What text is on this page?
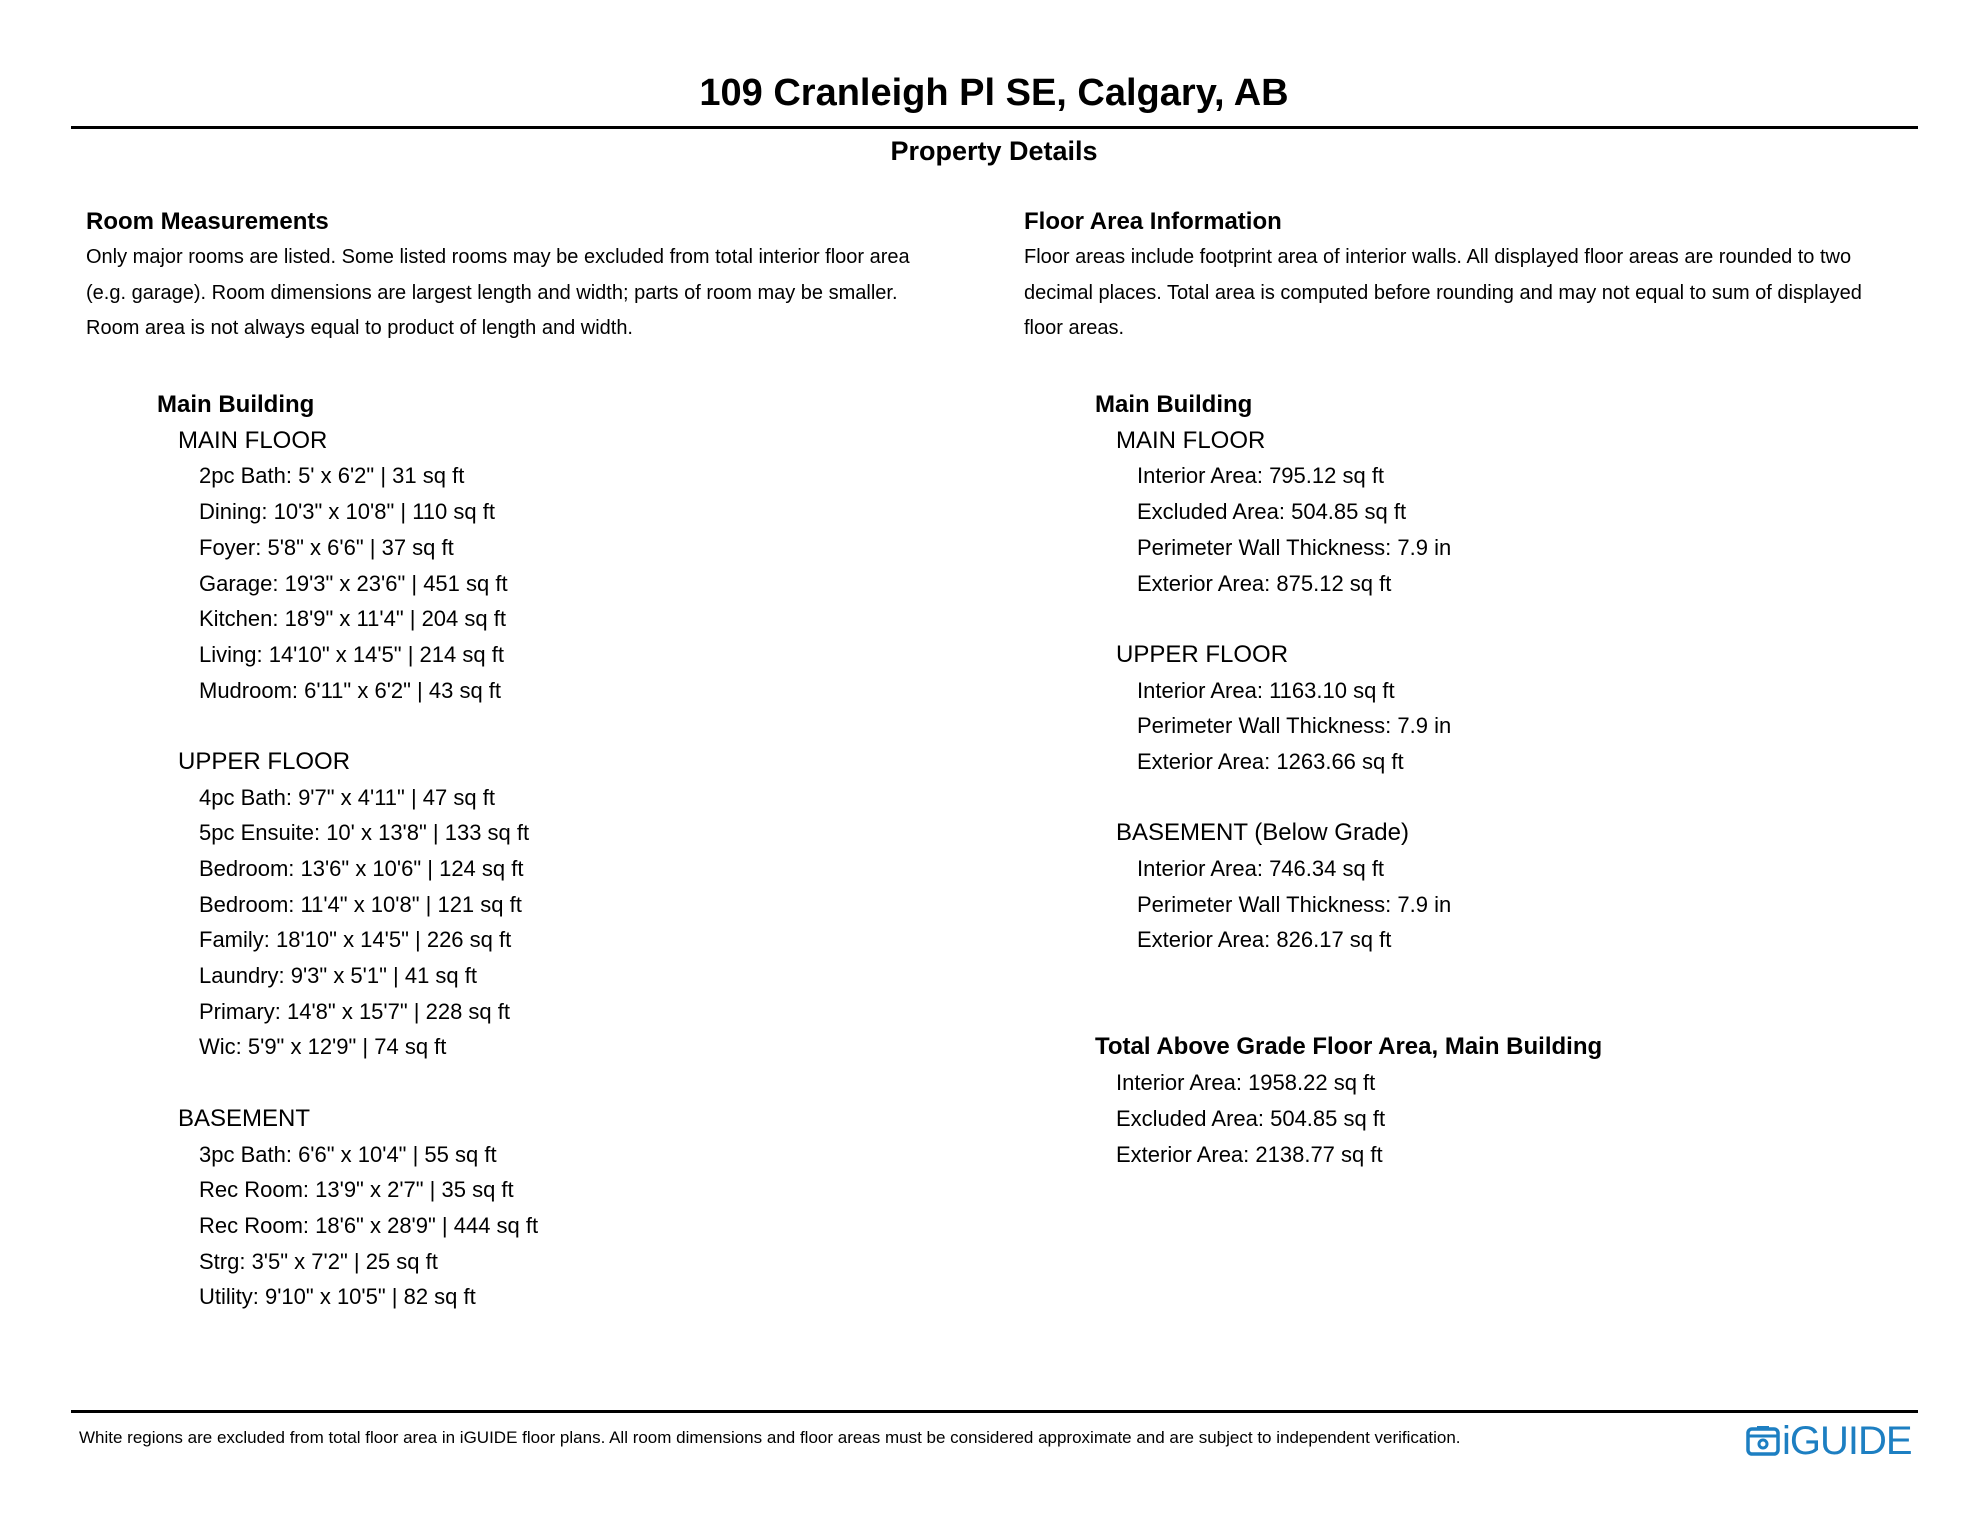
109 Cranleigh Pl SE, Calgary, AB
Property Details
Room Measurements
Only major rooms are listed. Some listed rooms may be excluded from total interior floor area
(e.g. garage). Room dimensions are largest length and width; parts of room may be smaller.
Room area is not always equal to product of length and width.
Main Building
MAIN FLOOR
2pc Bath: 5' x 6'2" | 31 sq ft
Dining: 10'3" x 10'8" | 110 sq ft
Foyer: 5'8" x 6'6" | 37 sq ft
Garage: 19'3" x 23'6" | 451 sq ft
Kitchen: 18'9" x 11'4" | 204 sq ft
Living: 14'10" x 14'5" | 214 sq ft
Mudroom: 6'11" x 6'2" | 43 sq ft
UPPER FLOOR
4pc Bath: 9'7" x 4'11" | 47 sq ft
5pc Ensuite: 10' x 13'8" | 133 sq ft
Bedroom: 13'6" x 10'6" | 124 sq ft
Bedroom: 11'4" x 10'8" | 121 sq ft
Family: 18'10" x 14'5" | 226 sq ft
Laundry: 9'3" x 5'1" | 41 sq ft
Primary: 14'8" x 15'7" | 228 sq ft
Wic: 5'9" x 12'9" | 74 sq ft
BASEMENT
3pc Bath: 6'6" x 10'4" | 55 sq ft
Rec Room: 13'9" x 2'7" | 35 sq ft
Rec Room: 18'6" x 28'9" | 444 sq ft
Strg: 3'5" x 7'2" | 25 sq ft
Utility: 9'10" x 10'5" | 82 sq ft
Floor Area Information
Floor areas include footprint area of interior walls. All displayed floor areas are rounded to two
decimal places. Total area is computed before rounding and may not equal to sum of displayed
floor areas.
Main Building
MAIN FLOOR
Interior Area: 795.12 sq ft
Excluded Area: 504.85 sq ft
Perimeter Wall Thickness: 7.9 in
Exterior Area: 875.12 sq ft
UPPER FLOOR
Interior Area: 1163.10 sq ft
Perimeter Wall Thickness: 7.9 in
Exterior Area: 1263.66 sq ft
BASEMENT (Below Grade)
Interior Area: 746.34 sq ft
Perimeter Wall Thickness: 7.9 in
Exterior Area: 826.17 sq ft
Total Above Grade Floor Area, Main Building
Interior Area: 1958.22 sq ft
Excluded Area: 504.85 sq ft
Exterior Area: 2138.77 sq ft
White regions are excluded from total floor area in iGUIDE floor plans. All room dimensions and floor areas must be considered approximate and are subject to independent verification.	iGUIDE
